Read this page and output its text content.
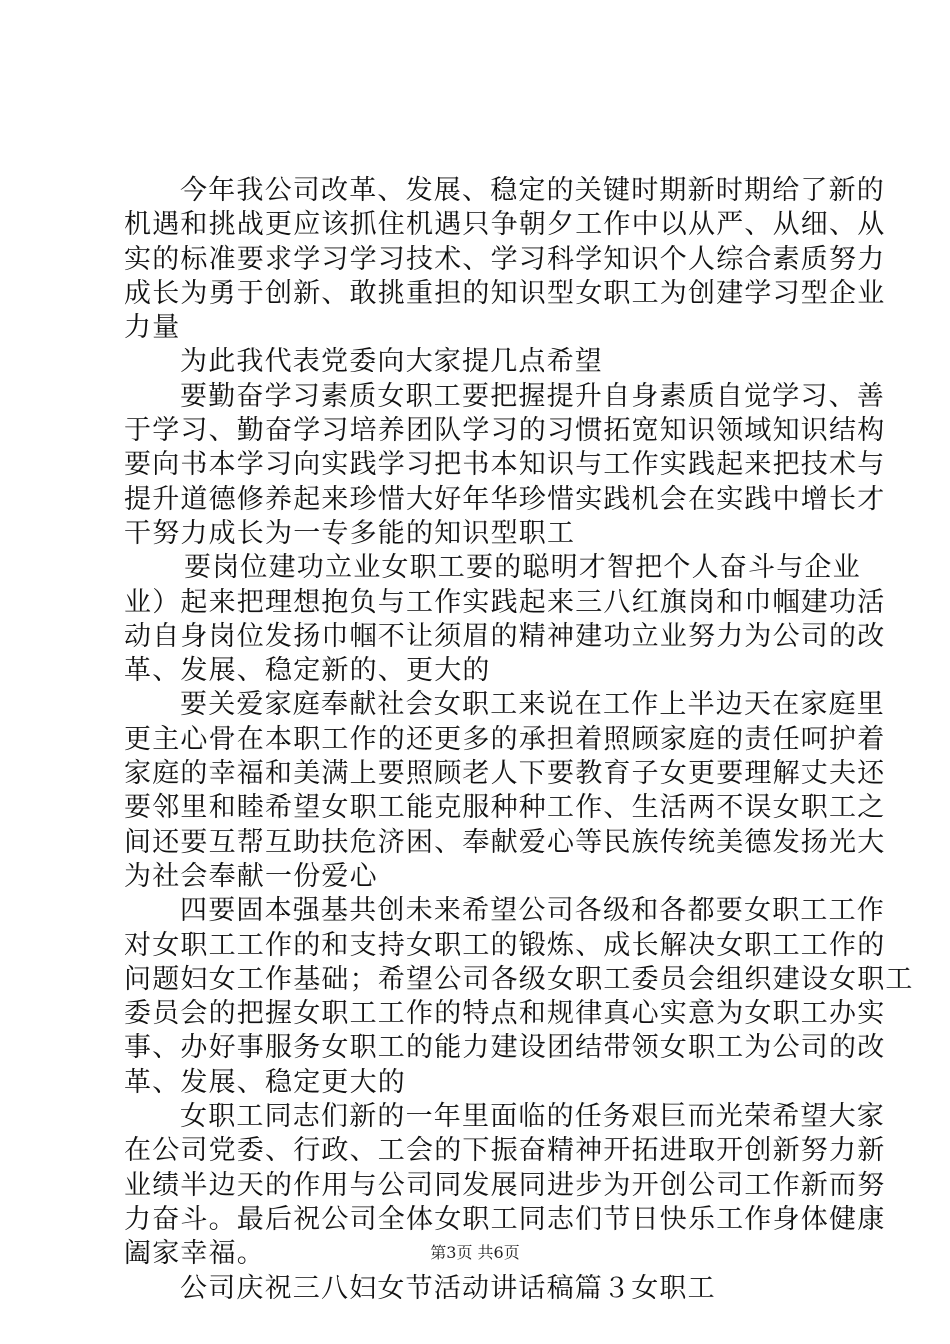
今年我公司改革、发展、稳定的关键时期新时期给了新的
机遇和挑战更应该抓住机遇只争朝夕工作中以从严、从细、从
实的标准要求学习学习技术、学习科学知识个人综合素质努力
成长为勇于创新、敢挑重担的知识型女职工为创建学习型企业
力量
为此我代表党委向大家提几点希望
要勤奋学习素质女职工要把握提升自身素质自觉学习、善
于学习、勤奋学习培养团队学习的习惯拓宽知识领域知识结构
要向书本学习向实践学习把书本知识与工作实践起来把技术与
提升道德修养起来珍惜大好年华珍惜实践机会在实践中增长才
干努力成长为一专多能的知识型职工
要岗位建功立业女职工要的聪明才智把个人奋斗与企业
业）起来把理想抱负与工作实践起来三八红旗岗和巾帼建功活
动自身岗位发扬巾帼不让须眉的精神建功立业努力为公司的改
革、发展、稳定新的、更大的
要关爱家庭奉献社会女职工来说在工作上半边天在家庭里
更主心骨在本职工作的还更多的承担着照顾家庭的责任呵护着
家庭的幸福和美满上要照顾老人下要教育子女更要理解丈夫还
要邻里和睦希望女职工能克服种种工作、生活两不误女职工之
间还要互帮互助扶危济困、奉献爱心等民族传统美德发扬光大
为社会奉献一份爱心
四要固本强基共创未来希望公司各级和各都要女职工工作
对女职工工作的和支持女职工的锻炼、成长解决女职工工作的
问题妇女工作基础；希望公司各级女职工委员会组织建设女职工
委员会的把握女职工工作的特点和规律真心实意为女职工办实
事、办好事服务女职工的能力建设团结带领女职工为公司的改
革、发展、稳定更大的
女职工同志们新的一年里面临的任务艰巨而光荣希望大家
在公司党委、行政、工会的下振奋精神开拓进取开创新努力新
业绩半边天的作用与公司同发展同进步为开创公司工作新而努
力奋斗。最后祝公司全体女职工同志们节日快乐工作身体健康
阖家幸福。
公司庆祝三八妇女节活动讲话稿篇３女职工
第3页 共6页
